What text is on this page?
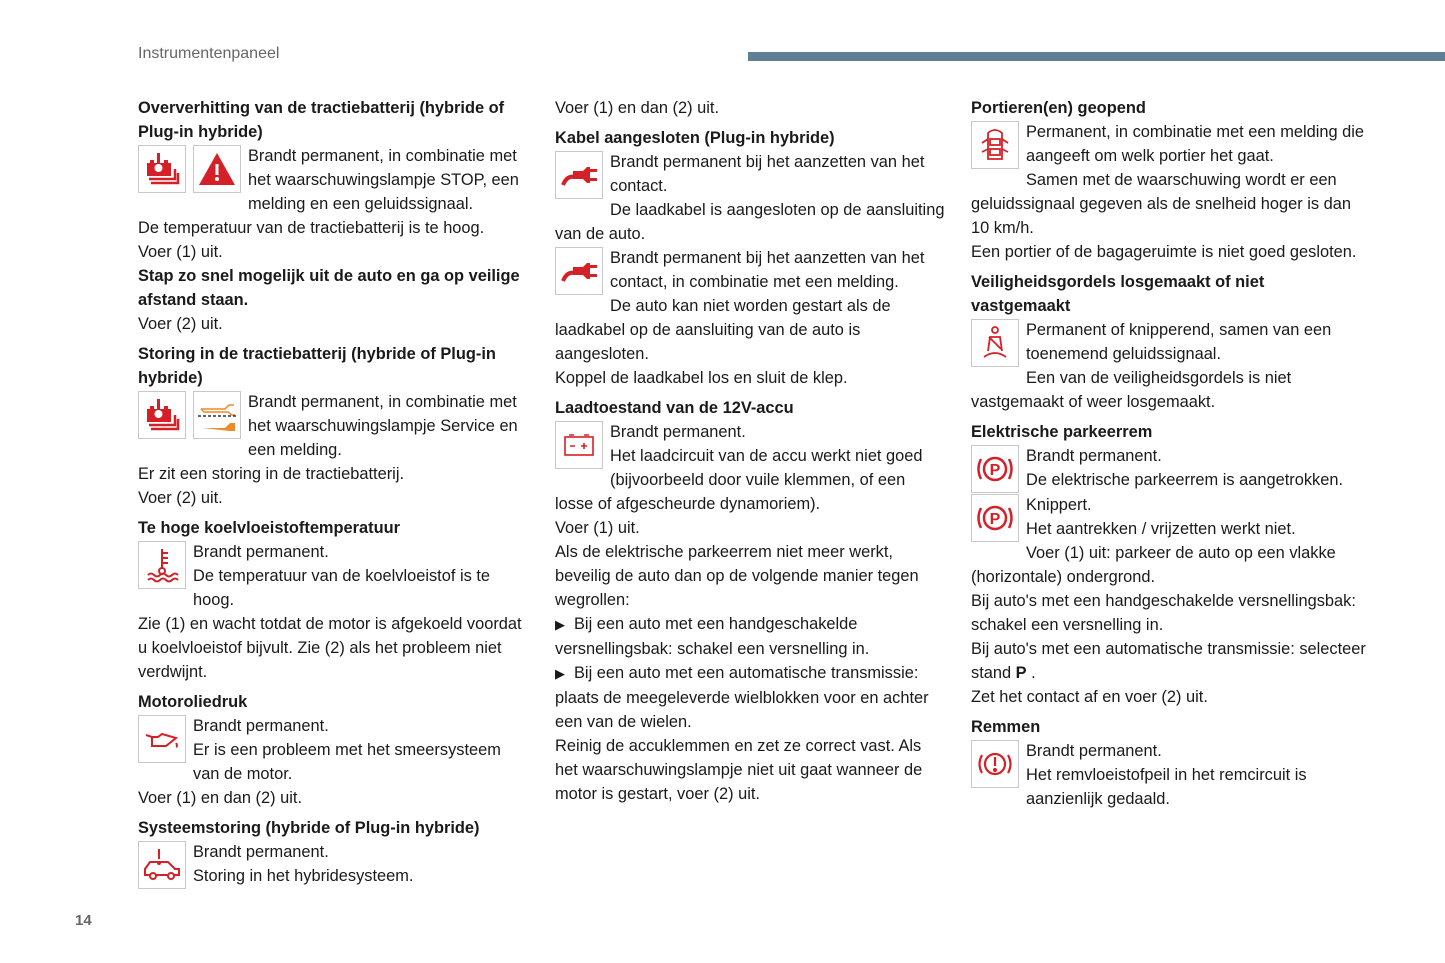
Instrumentenpaneel
Oververhitting van de tractiebatterij (hybride of Plug-in hybride)
Brandt permanent, in combinatie met het waarschuwingslampje STOP, een melding en een geluidssignaal.
De temperatuur van de tractiebatterij is te hoog.
Voer (1) uit.
Stap zo snel mogelijk uit de auto en ga op veilige afstand staan.
Voer (2) uit.
Storing in de tractiebatterij (hybride of Plug-in hybride)
Brandt permanent, in combinatie met het waarschuwingslampje Service en een melding.
Er zit een storing in de tractiebatterij.
Voer (2) uit.
Te hoge koelvloeistoftemperatuur
Brandt permanent.
De temperatuur van de koelvloeistof is te hoog.
Zie (1) en wacht totdat de motor is afgekoeld voordat u koelvloeistof bijvult. Zie (2) als het probleem niet verdwijnt.
Motoroliedruk
Brandt permanent.
Er is een probleem met het smeersysteem van de motor.
Voer (1) en dan (2) uit.
Systeemstoring (hybride of Plug-in hybride)
Brandt permanent.
Storing in het hybridesysteem.
Voer (1) en dan (2) uit.
Kabel aangesloten (Plug-in hybride)
Brandt permanent bij het aanzetten van het contact.
De laadkabel is aangesloten op de aansluiting van de auto.
Brandt permanent bij het aanzetten van het contact, in combinatie met een melding.
De auto kan niet worden gestart als de laadkabel op de aansluiting van de auto is aangesloten.
Koppel de laadkabel los en sluit de klep.
Laadtoestand van de 12V-accu
Brandt permanent.
Het laadcircuit van de accu werkt niet goed (bijvoorbeeld door vuile klemmen, of een losse of afgescheurde dynamoriem).
Voer (1) uit.
Als de elektrische parkeerrem niet meer werkt, beveilig de auto dan op de volgende manier tegen wegrollen:
▶ Bij een auto met een handgeschakelde versnellingsbak: schakel een versnelling in.
▶ Bij een auto met een automatische transmissie: plaats de meegeleverde wielblokken voor en achter een van de wielen.
Reinig de accuklemmen en zet ze correct vast. Als het waarschuwingslampje niet uit gaat wanneer de motor is gestart, voer (2) uit.
Portieren(en) geopend
Permanent, in combinatie met een melding die aangeeft om welk portier het gaat.
Samen met de waarschuwing wordt er een geluidssignaal gegeven als de snelheid hoger is dan 10 km/h.
Een portier of de bagageruimte is niet goed gesloten.
Veiligheidsgordels losgemaakt of niet vastgemaakt
Permanent of knipperend, samen van een toenemend geluidssignaal.
Een van de veiligheidsgordels is niet vastgemaakt of weer losgemaakt.
Elektrische parkeerrem
P
Brandt permanent.
De elektrische parkeerrem is aangetrokken.
P
Knippert.
Het aantrekken / vrijzetten werkt niet.
Voer (1) uit: parkeer de auto op een vlakke (horizontale) ondergrond.
Bij auto's met een handgeschakelde versnellingsbak: schakel een versnelling in.
Bij auto's met een automatische transmissie: selecteer stand P .
Zet het contact af en voer (2) uit.
Remmen
Brandt permanent.
Het remvloeistofpeil in het remcircuit is aanzienlijk gedaald.
14
